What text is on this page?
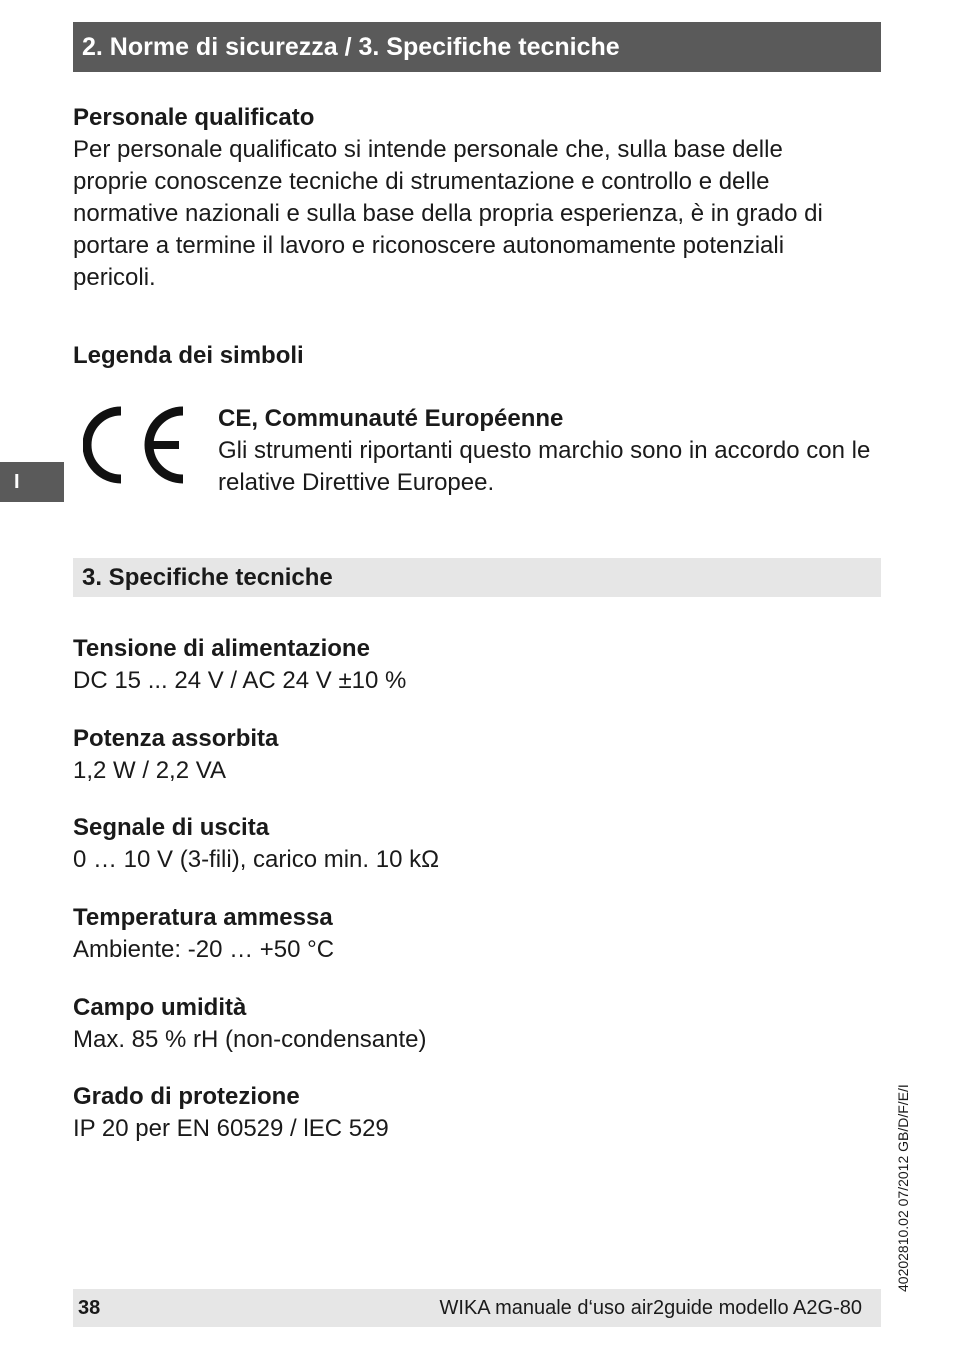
2. Norme di sicurezza / 3. Specifiche tecniche
Personale qualificato
Per personale qualificato si intende personale che, sulla base delle proprie conoscenze tecniche di strumentazione e controllo e delle normative nazionali e sulla base della propria esperienza, è in grado di portare a termine il lavoro e riconoscere autonomamente potenziali pericoli.
Legenda dei simboli
I
CE, Communauté Européenne
Gli strumenti riportanti questo marchio sono in accordo con le relative Direttive Europee.
3. Specifiche tecniche
Tensione di alimentazione
DC 15 ... 24 V / AC 24 V ±10 %
Potenza assorbita
1,2 W / 2,2 VA
Segnale di uscita
0 … 10 V (3-fili), carico min. 10 kΩ
Temperatura ammessa
Ambiente: -20 … +50 °C
Campo umidità
Max. 85 % rH (non-condensante)
Grado di protezione
IP 20 per EN 60529 / lEC 529	40202810.02 07/2012 GB/D/F/E/I
38	WIKA manuale d‘uso air2guide modello A2G-80
